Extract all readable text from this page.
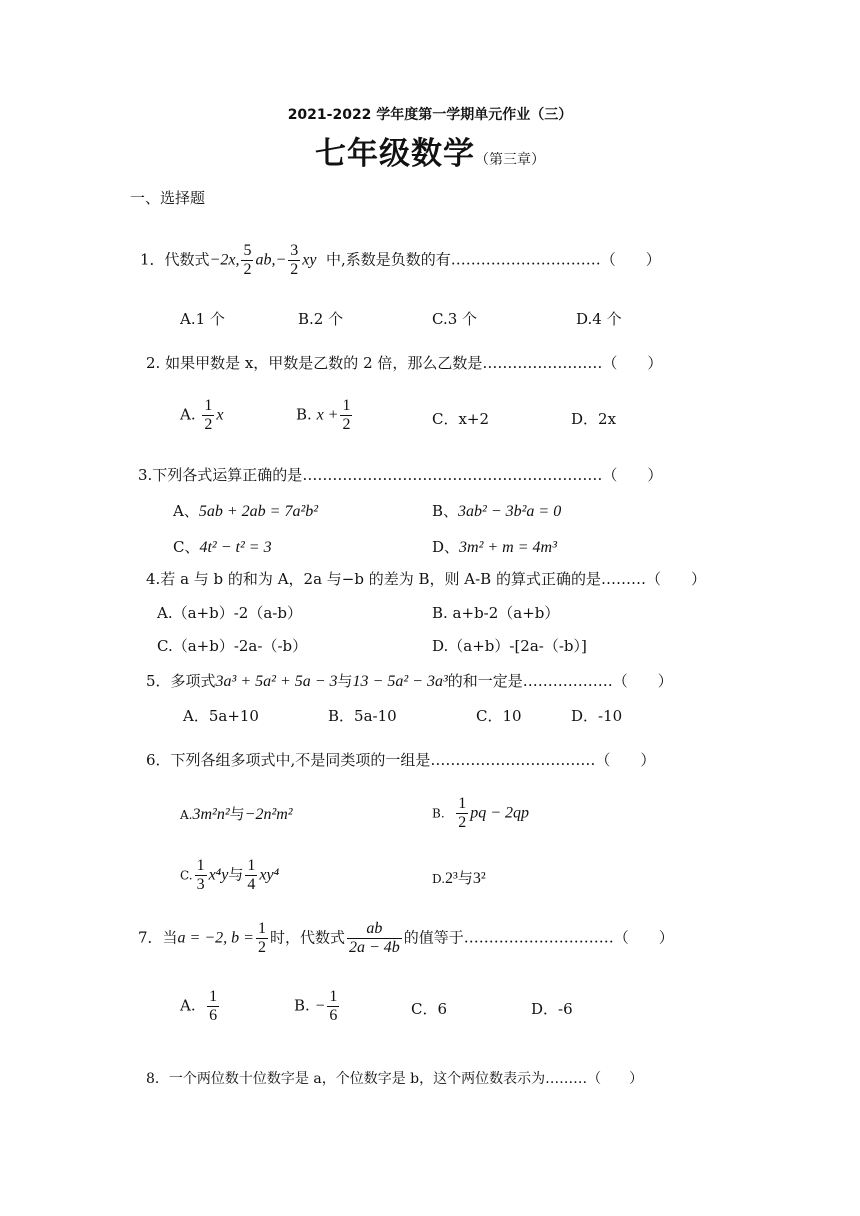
2021-2022 学年度第一学期单元作业（三）
七年级数学（第三章）
一、选择题
1．代数式−2x, $\frac{5}{2} ab,- \frac{3}{2}$ xy 中,系数是负数的有…………………………（　　）
A.1 个	B.2 个	C.3 个	D.4 个
2. 如果甲数是 x，甲数是乙数的 2 倍，那么乙数是……………………（　　）
A. $\frac{1}{2}$ x	B. $x + \frac{1}{2}$	C．x+2	D．2x
3.下列各式运算正确的是……………………………………………………（　　）
A、5ab + 2ab = 7a²b²	B、3ab² − 3b²a = 0
C、4t² − t² = 3	D、3m² + m = 4m³
4.若 a 与 b 的和为 A，2a 与−b 的差为 B，则 A-B 的算式正确的是………（　　）
A.（a+b）-2（a-b）	B. a+b-2（a+b）
C.（a+b）-2a-（-b）	D.（a+b）-[2a-（-b）]
5．多项式3a³ + 5a² + 5a − 3与13 − 5a² − 3a³的和一定是………………（　　）
A．5a+10	B．5a-10	C．10	D．-10
6．下列各组多项式中,不是同类项的一组是……………………………（　　）
A.3m²n²与−2n²m²	B. $\frac{1}{2}$ pq − 2qp
C. $\frac{1}{3} x^4y$与 $\frac{1}{4} xy^4$	D.2³与3²
7．当a = −2, $b = \frac{1}{2}$ 时，代数式 $\frac{ab}{2a - 4b}$ 的值等于…………………………（　　）
A. $\frac{1}{6}$	B. − $\frac{1}{6}$	C．6	D．-6
8．一个两位数十位数字是 a，个位数字是 b，这个两位数表示为………（　　）
